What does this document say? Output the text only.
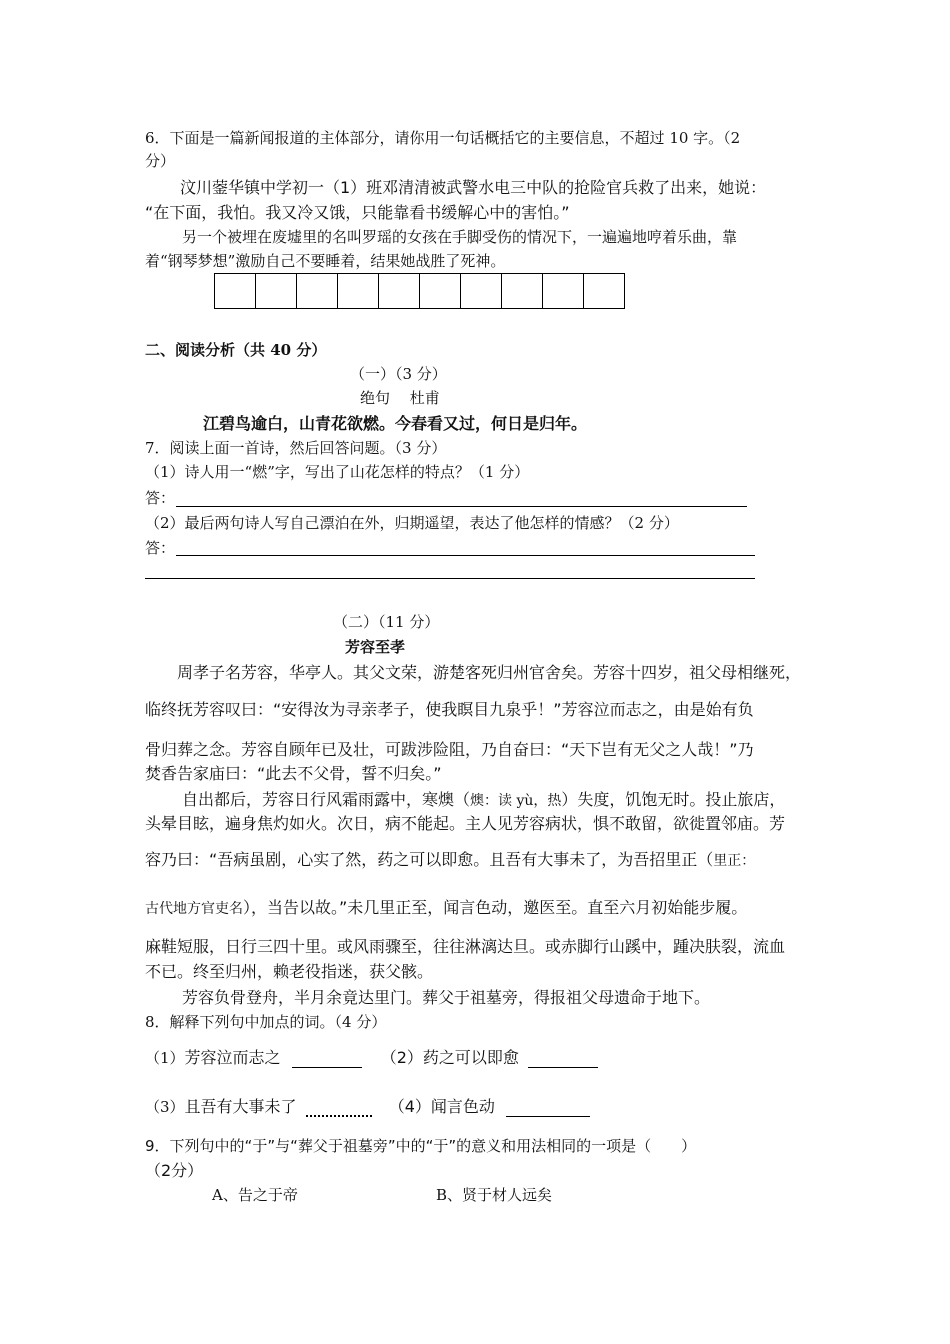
6．下面是一篇新闻报道的主体部分，请你用一句话概括它的主要信息，不超过 10 字。（2
分）
汶川蓥华镇中学初一（1）班邓清清被武警水电三中队的抢险官兵救了出来，她说：
“在下面，我怕。我又冷又饿，只能靠看书缓解心中的害怕。”
另一个被埋在废墟里的名叫罗瑶的女孩在手脚受伤的情况下，一遍遍地哼着乐曲，靠
着“钢琴梦想”激励自己不要睡着，结果她战胜了死神。
二、阅读分析（共 40 分）
（一）（3 分）
绝句　 杜甫
江碧鸟逾白，山青花欲燃。今春看又过，何日是归年。
7．阅读上面一首诗，然后回答问题。（3 分）
（1）诗人用一“燃”字，写出了山花怎样的特点？（1 分）
答：
（2）最后两句诗人写自己漂泊在外，归期遥望，表达了他怎样的情感？（2 分）
答：
（二）（11 分）
芳容至孝
周孝子名芳容，华亭人。其父文荣，游楚客死归州官舍矣。芳容十四岁，祖父母相继死，
临终抚芳容叹曰：“安得汝为寻亲孝子，使我瞑目九泉乎！”芳容泣而志之，由是始有负
骨归葬之念。芳容自顾年已及壮，可跋涉险阻，乃自奋曰：“天下岂有无父之人哉！”乃
焚香告家庙曰：“此去不父骨，誓不归矣。”
自出都后，芳容日行风霜雨露中，寒燠（燠：读 yù，热）失度，饥饱无时。投止旅店，
头晕目眩，遍身焦灼如火。次日，病不能起。主人见芳容病状，惧不敢留，欲徙置邻庙。芳
容乃曰：“吾病虽剧，心实了然，药之可以即愈。且吾有大事未了，为吾招里正（里正：
古代地方官吏名），当告以故。”未几里正至，闻言色动，邀医至。直至六月初始能步履。
麻鞋短服，日行三四十里。或风雨骤至，往往淋漓达旦。或赤脚行山蹊中，踵决肤裂，流血
不已。终至归州，赖老役指迷，获父骸。
芳容负骨登舟，半月余竟达里门。葬父于祖墓旁，得报祖父母遗命于地下。
8．解释下列句中加点的词。（4 分）
（1）芳容泣而志之	（2）药之可以即愈
（3）且吾有大事未了	（4）闻言色动
9．下列句中的“于”与“葬父于祖墓旁”中的“于”的意义和用法相同的一项是（　　）
（2分）
A、告之于帝	B、贤于材人远矣
